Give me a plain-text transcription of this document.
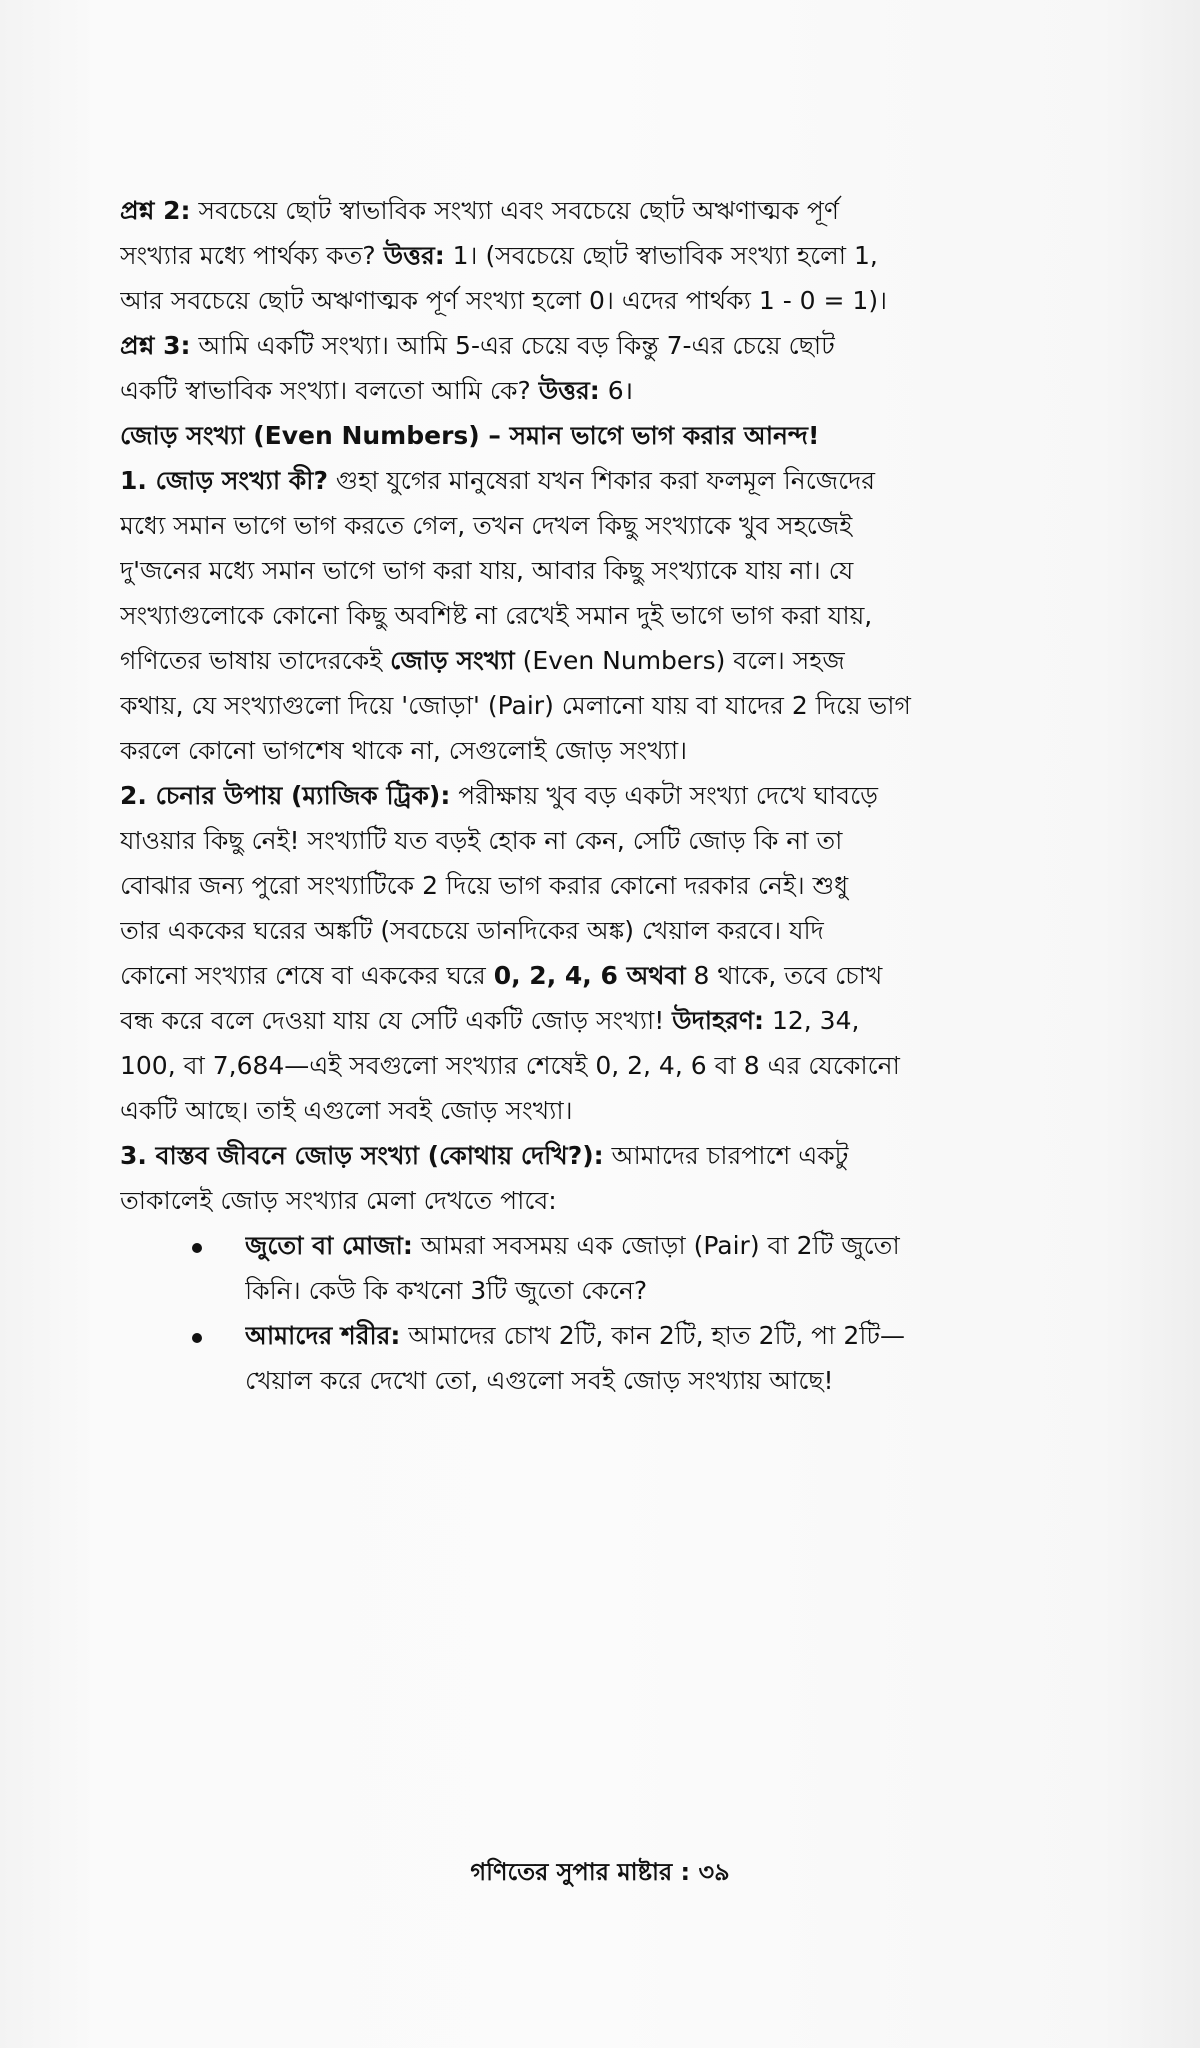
প্রশ্ন 2: সবচেয়ে ছোট স্বাভাবিক সংখ্যা এবং সবচেয়ে ছোট অঋণাত্মক পূর্ণ
সংখ্যার মধ্যে পার্থক্য কত? উত্তর: 1। (সবচেয়ে ছোট স্বাভাবিক সংখ্যা হলো 1,
আর সবচেয়ে ছোট অঋণাত্মক পূর্ণ সংখ্যা হলো 0। এদের পার্থক্য 1 - 0 = 1)।
প্রশ্ন 3: আমি একটি সংখ্যা। আমি 5-এর চেয়ে বড় কিন্তু 7-এর চেয়ে ছোট
একটি স্বাভাবিক সংখ্যা। বলতো আমি কে? উত্তর: 6।
জোড় সংখ্যা (Even Numbers) – সমান ভাগে ভাগ করার আনন্দ!
1. জোড় সংখ্যা কী? গুহা যুগের মানুষেরা যখন শিকার করা ফলমূল নিজেদের
মধ্যে সমান ভাগে ভাগ করতে গেল, তখন দেখল কিছু সংখ্যাকে খুব সহজেই
দু'জনের মধ্যে সমান ভাগে ভাগ করা যায়, আবার কিছু সংখ্যাকে যায় না। যে
সংখ্যাগুলোকে কোনো কিছু অবশিষ্ট না রেখেই সমান দুই ভাগে ভাগ করা যায়,
গণিতের ভাষায় তাদেরকেই জোড় সংখ্যা (Even Numbers) বলে। সহজ
কথায়, যে সংখ্যাগুলো দিয়ে 'জোড়া' (Pair) মেলানো যায় বা যাদের 2 দিয়ে ভাগ
করলে কোনো ভাগশেষ থাকে না, সেগুলোই জোড় সংখ্যা।
2. চেনার উপায় (ম্যাজিক ট্রিক): পরীক্ষায় খুব বড় একটা সংখ্যা দেখে ঘাবড়ে
যাওয়ার কিছু নেই! সংখ্যাটি যত বড়ই হোক না কেন, সেটি জোড় কি না তা
বোঝার জন্য পুরো সংখ্যাটিকে 2 দিয়ে ভাগ করার কোনো দরকার নেই। শুধু
তার এককের ঘরের অঙ্কটি (সবচেয়ে ডানদিকের অঙ্ক) খেয়াল করবে। যদি
কোনো সংখ্যার শেষে বা এককের ঘরে 0, 2, 4, 6 অথবা 8 থাকে, তবে চোখ
বন্ধ করে বলে দেওয়া যায় যে সেটি একটি জোড় সংখ্যা! উদাহরণ: 12, 34,
100, বা 7,684—এই সবগুলো সংখ্যার শেষেই 0, 2, 4, 6 বা 8 এর যেকোনো
একটি আছে। তাই এগুলো সবই জোড় সংখ্যা।
3. বাস্তব জীবনে জোড় সংখ্যা (কোথায় দেখি?): আমাদের চারপাশে একটু
তাকালেই জোড় সংখ্যার মেলা দেখতে পাবে:
জুতো বা মোজা: আমরা সবসময় এক জোড়া (Pair) বা 2টি জুতো
কিনি। কেউ কি কখনো 3টি জুতো কেনে?
আমাদের শরীর: আমাদের চোখ 2টি, কান 2টি, হাত 2টি, পা 2টি—
খেয়াল করে দেখো তো, এগুলো সবই জোড় সংখ্যায় আছে!
গণিতের সুপার মাষ্টার : ৩৯
